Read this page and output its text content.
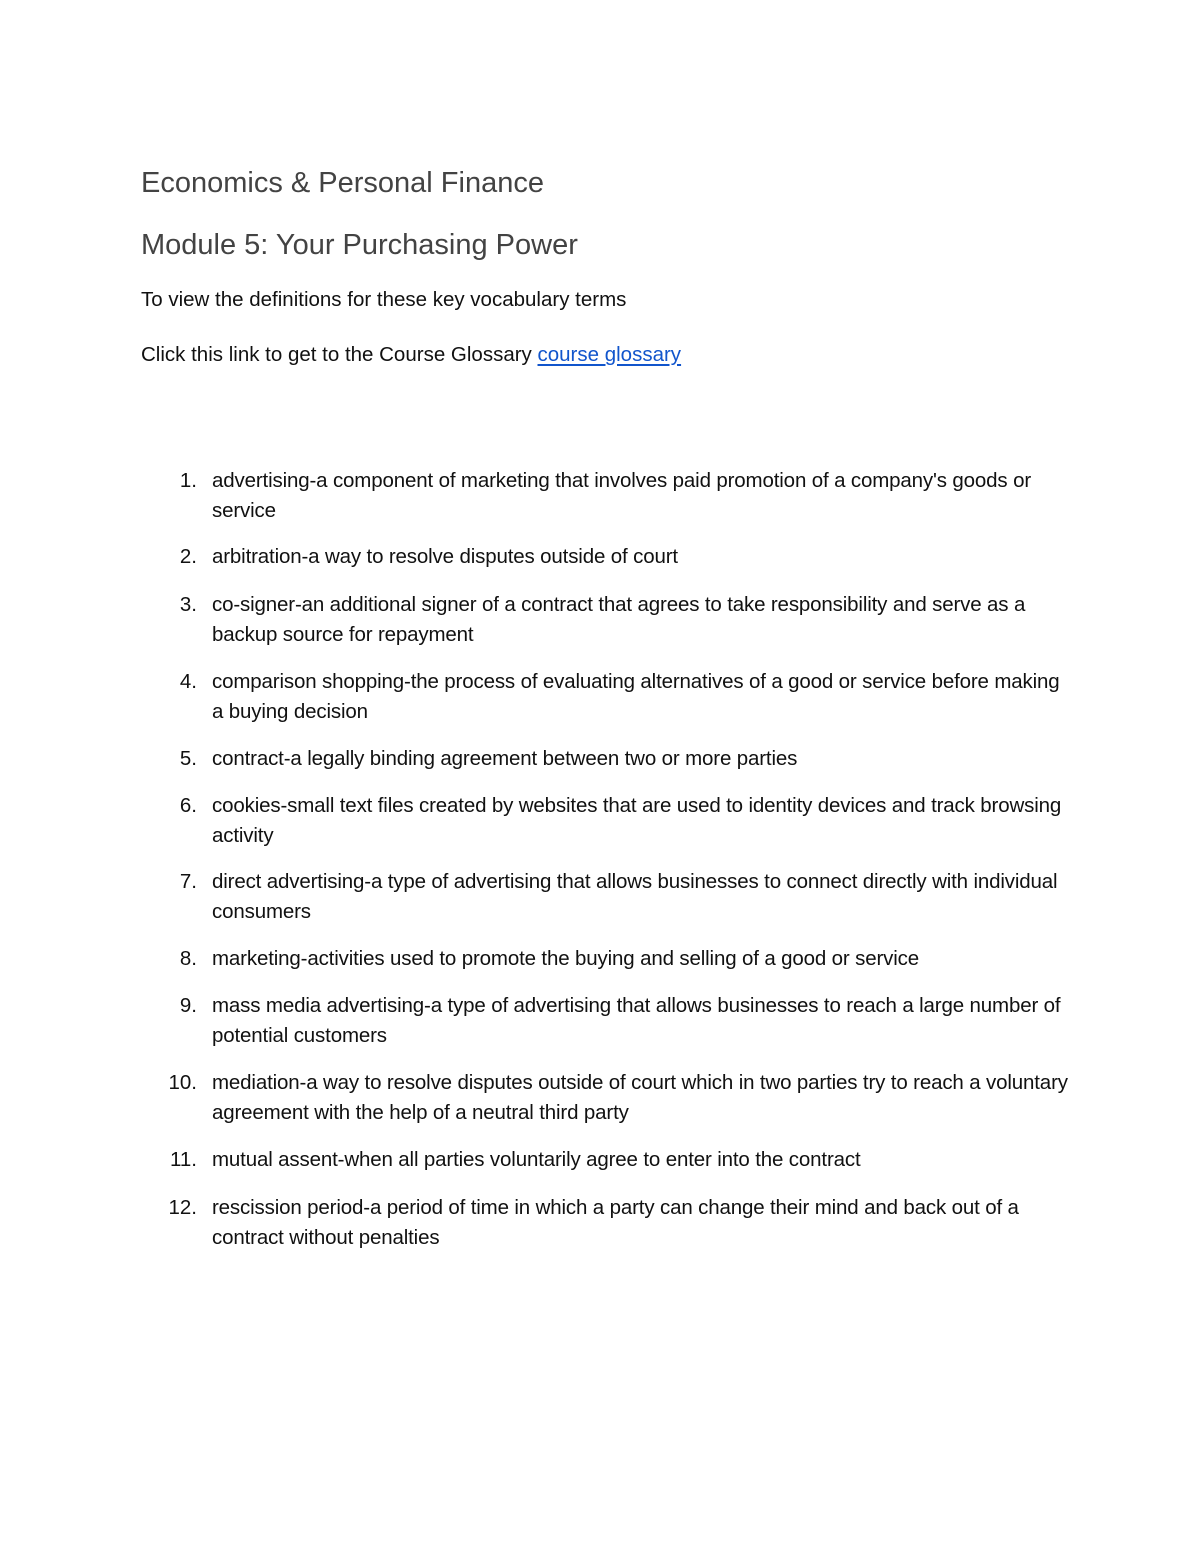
Economics & Personal Finance
Module 5: Your Purchasing Power

To view the definitions for these key vocabulary terms

Click this link to get to the Course Glossary course glossary

1. advertising-a component of marketing that involves paid promotion of a company's goods or service
2. arbitration-a way to resolve disputes outside of court
3. co-signer-an additional signer of a contract that agrees to take responsibility and serve as a backup source for repayment
4. comparison shopping-the process of evaluating alternatives of a good or service before making a buying decision
5. contract-a legally binding agreement between two or more parties
6. cookies-small text files created by websites that are used to identity devices and track browsing activity
7. direct advertising-a type of advertising that allows businesses to connect directly with individual consumers
8. marketing-activities used to promote the buying and selling of a good or service
9. mass media advertising-a type of advertising that allows businesses to reach a large number of potential customers
10. mediation-a way to resolve disputes outside of court which in two parties try to reach a voluntary agreement with the help of a neutral third party
11. mutual assent-when all parties voluntarily agree to enter into the contract
12. rescission period-a period of time in which a party can change their mind and back out of a contract without penalties
